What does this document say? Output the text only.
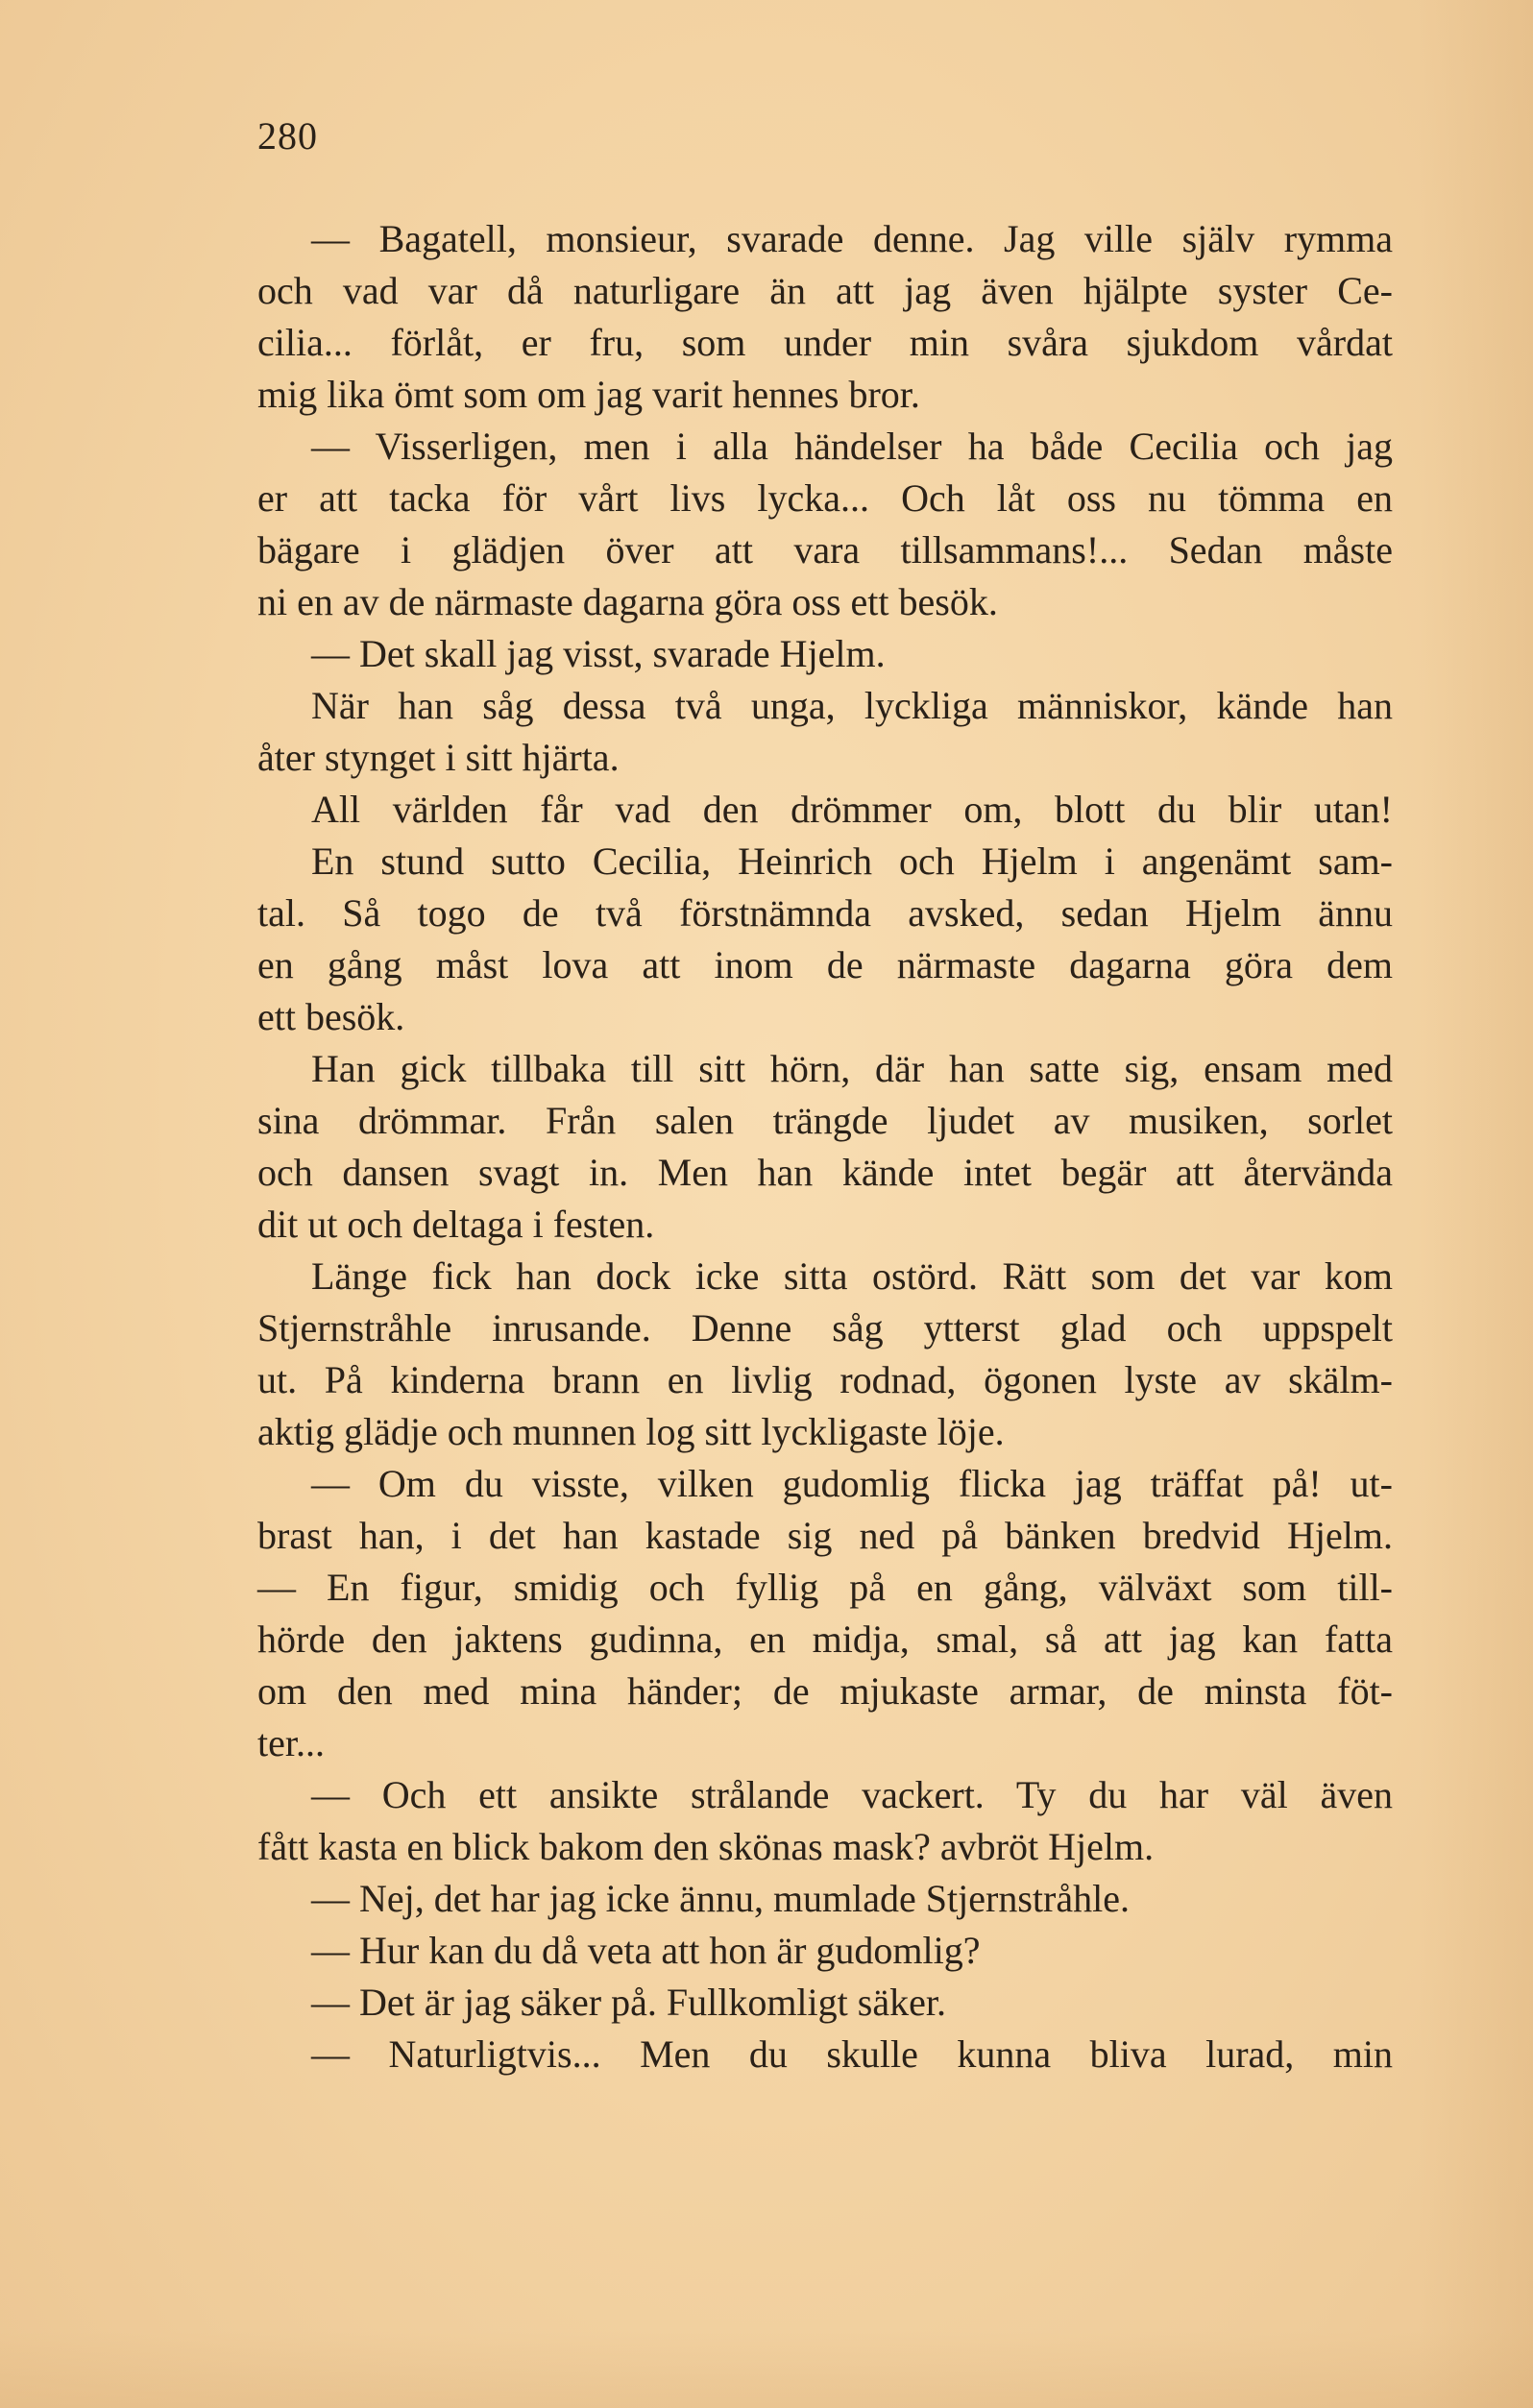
280
— Bagatell, monsieur, svarade denne. Jag ville själv rymma
och vad var då naturligare än att jag även hjälpte syster Ce-
cilia... förlåt, er fru, som under min svåra sjukdom vårdat
mig lika ömt som om jag varit hennes bror.
— Visserligen, men i alla händelser ha både Cecilia och jag
er att tacka för vårt livs lycka... Och låt oss nu tömma en
bägare i glädjen över att vara tillsammans!... Sedan måste
ni en av de närmaste dagarna göra oss ett besök.
— Det skall jag visst, svarade Hjelm.
När han såg dessa två unga, lyckliga människor, kände han
åter stynget i sitt hjärta.
All världen får vad den drömmer om, blott du blir utan!
En stund sutto Cecilia, Heinrich och Hjelm i angenämt sam-
tal. Så togo de två förstnämnda avsked, sedan Hjelm ännu
en gång måst lova att inom de närmaste dagarna göra dem
ett besök.
Han gick tillbaka till sitt hörn, där han satte sig, ensam med
sina drömmar. Från salen trängde ljudet av musiken, sorlet
och dansen svagt in. Men han kände intet begär att återvända
dit ut och deltaga i festen.
Länge fick han dock icke sitta ostörd. Rätt som det var kom
Stjernstråhle inrusande. Denne såg ytterst glad och uppspelt
ut. På kinderna brann en livlig rodnad, ögonen lyste av skälm-
aktig glädje och munnen log sitt lyckligaste löje.
— Om du visste, vilken gudomlig flicka jag träffat på! ut-
brast han, i det han kastade sig ned på bänken bredvid Hjelm.
— En figur, smidig och fyllig på en gång, välväxt som till-
hörde den jaktens gudinna, en midja, smal, så att jag kan fatta
om den med mina händer; de mjukaste armar, de minsta föt-
ter...
— Och ett ansikte strålande vackert. Ty du har väl även
fått kasta en blick bakom den skönas mask? avbröt Hjelm.
— Nej, det har jag icke ännu, mumlade Stjernstråhle.
— Hur kan du då veta att hon är gudomlig?
— Det är jag säker på. Fullkomligt säker.
— Naturligtvis... Men du skulle kunna bliva lurad, min
